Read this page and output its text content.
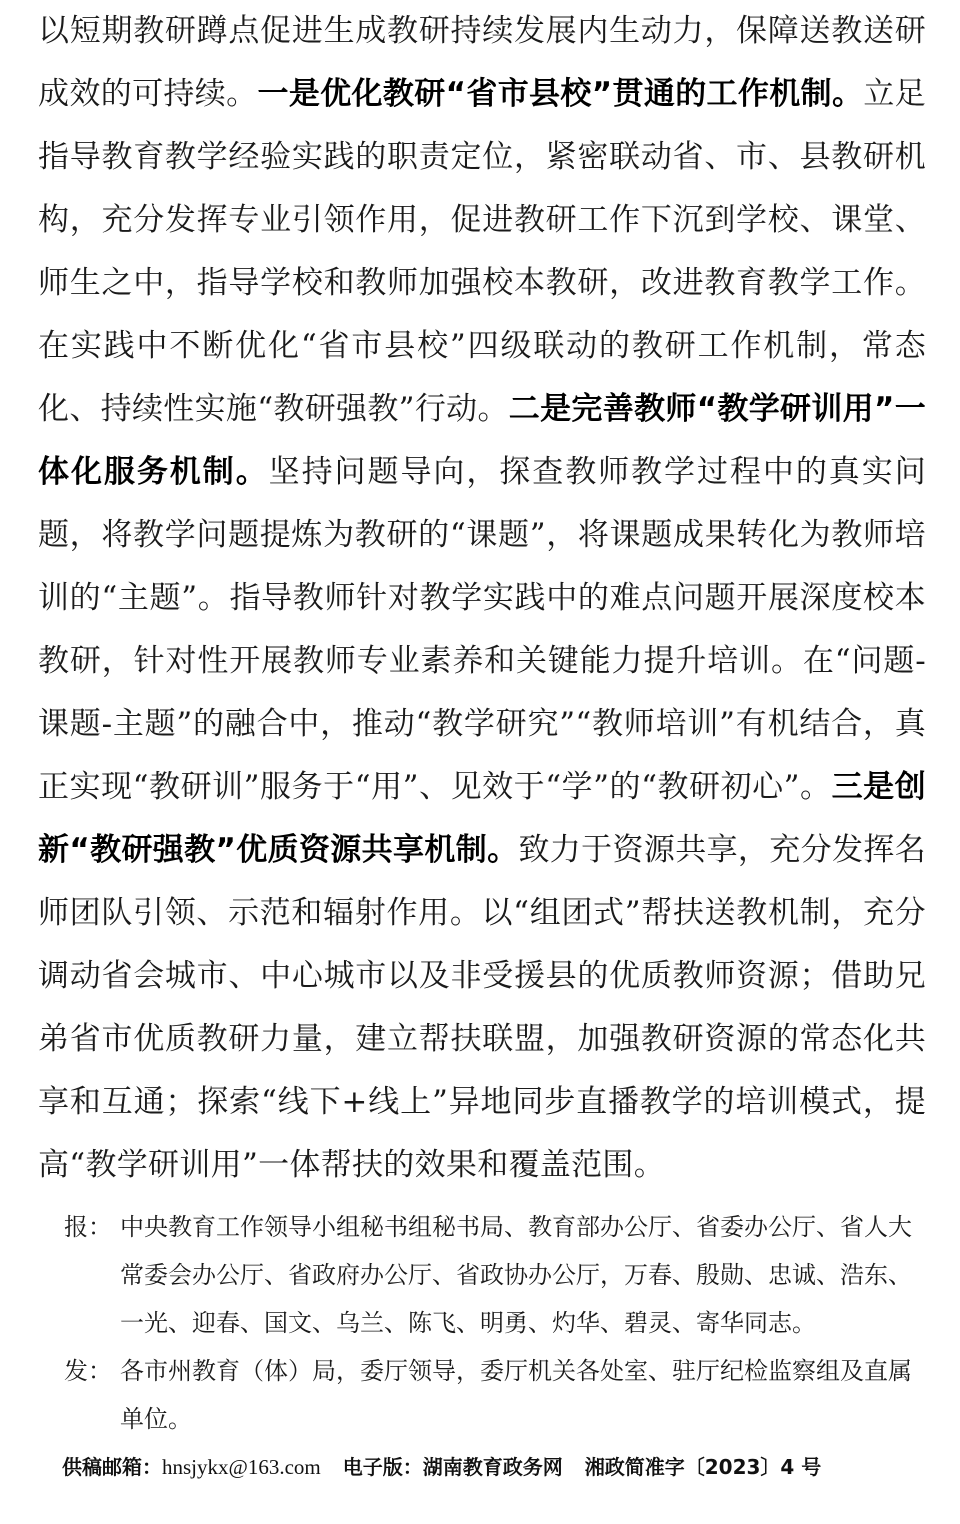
以短期教研蹲点促进生成教研持续发展内生动力，保障送教送研成效的可持续。一是优化教研“省市县校”贯通的工作机制。立足指导教育教学经验实践的职责定位，紧密联动省、市、县教研机构，充分发挥专业引领作用，促进教研工作下沉到学校、课堂、师生之中，指导学校和教师加强校本教研，改进教育教学工作。在实践中不断优化“省市县校”四级联动的教研工作机制，常态化、持续性实施“教研强教”行动。二是完善教师“教学研训用”一体化服务机制。坚持问题导向，探查教师教学过程中的真实问题，将教学问题提炼为教研的“课题”，将课题成果转化为教师培训的“主题”。指导教师针对教学实践中的难点问题开展深度校本教研，针对性开展教师专业素养和关键能力提升培训。在“问题-课题-主题”的融合中，推动“教学研究”“教师培训”有机结合，真正实现“教研训”服务于“用”、见效于“学”的“教研初心”。三是创新“教研强教”优质资源共享机制。致力于资源共享，充分发挥名师团队引领、示范和辐射作用。以“组团式”帮扶送教机制，充分调动省会城市、中心城市以及非受援县的优质教师资源；借助兄弟省市优质教研力量，建立帮扶联盟，加强教研资源的常态化共享和互通；探索“线下+线上”异地同步直播教学的培训模式，提高“教学研训用”一体帮扶的效果和覆盖范围。
报： 中央教育工作领导小组秘书组秘书局、教育部办公厅、省委办公厅、省人大常委会办公厅、省政府办公厅、省政协办公厅，万春、殷勋、忠诚、浩东、一光、迎春、国文、乌兰、陈飞、明勇、灼华、碧灵、寄华同志。
发： 各市州教育（体）局，委厅领导，委厅机关各处室、驻厅纪检监察组及直属单位。
供稿邮箱：hnsjykx@163.com 电子版：湖南教育政务网 湘政简准字〔2023〕4 号
